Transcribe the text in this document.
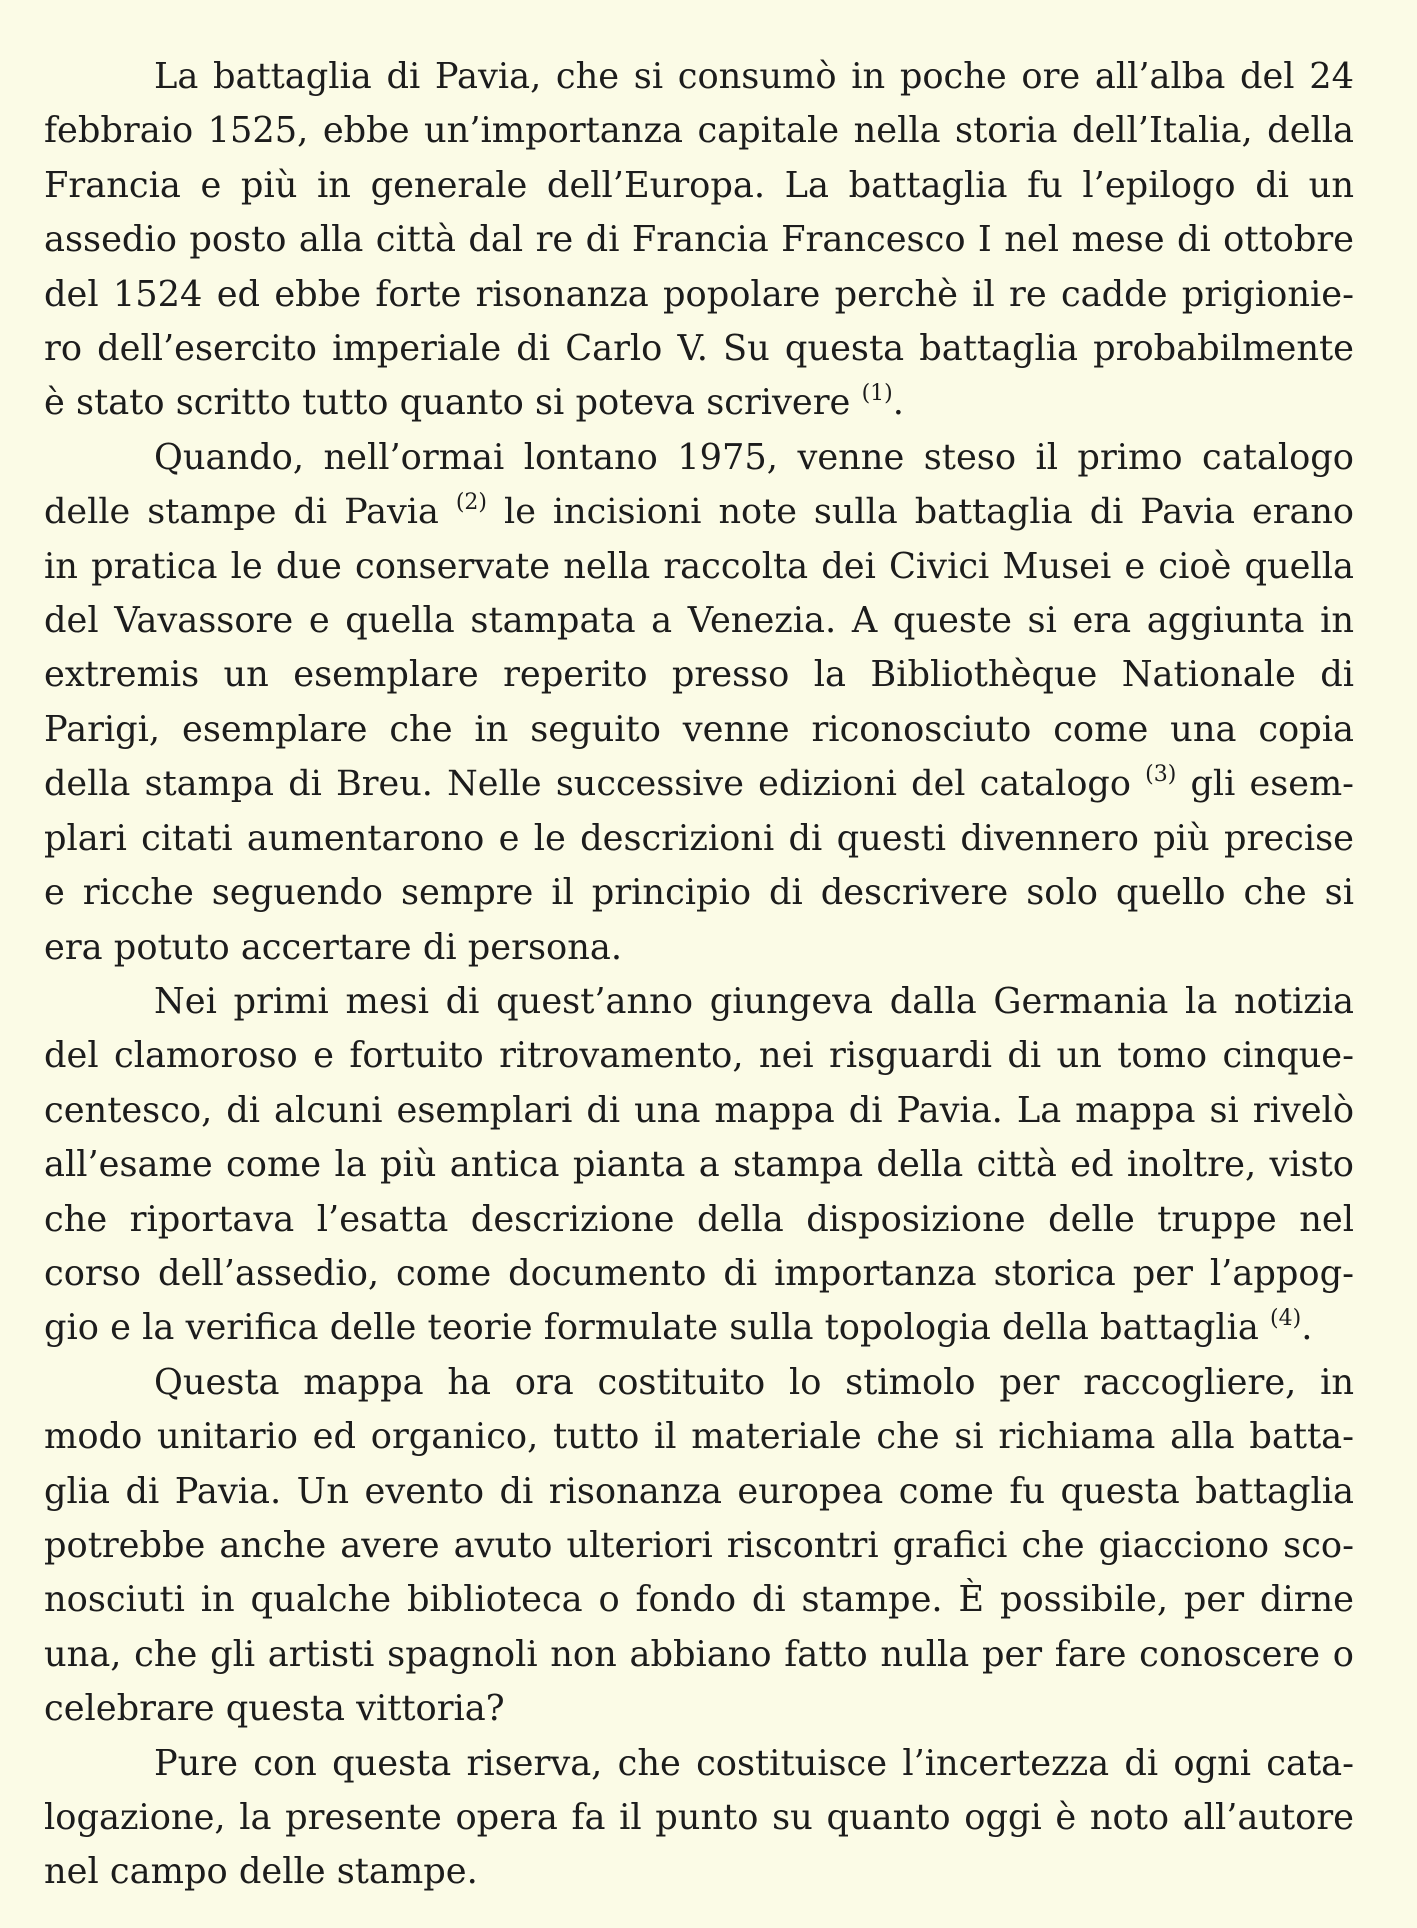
La battaglia di Pavia, che si consumò in poche ore all’alba del 24
febbraio 1525, ebbe un’importanza capitale nella storia dell’Italia, della
Francia e più in generale dell’Europa. La battaglia fu l’epilogo di un
assedio posto alla città dal re di Francia Francesco I nel mese di ottobre
del 1524 ed ebbe forte risonanza popolare perchè il re cadde prigionie-
ro dell’esercito imperiale di Carlo V. Su questa battaglia probabilmente
è stato scritto tutto quanto si poteva scrivere $^{(1)}$.

Quando, nell’ormai lontano 1975, venne steso il primo catalogo
delle stampe di Pavia $^{(2)}$ le incisioni note sulla battaglia di Pavia erano
in pratica le due conservate nella raccolta dei Civici Musei e cioè quella
del Vavassore e quella stampata a Venezia. A queste si era aggiunta in
extremis un esemplare reperito presso la Bibliothèque Nationale di
Parigi, esemplare che in seguito venne riconosciuto come una copia
della stampa di Breu. Nelle successive edizioni del catalogo $^{(3)}$ gli esem-
plari citati aumentarono e le descrizioni di questi divennero più precise
e ricche seguendo sempre il principio di descrivere solo quello che si
era potuto accertare di persona.

Nei primi mesi di quest’anno giungeva dalla Germania la notizia
del clamoroso e fortuito ritrovamento, nei risguardi di un tomo cinque-
centesco, di alcuni esemplari di una mappa di Pavia. La mappa si rivelò
all’esame come la più antica pianta a stampa della città ed inoltre, visto
che riportava l’esatta descrizione della disposizione delle truppe nel
corso dell’assedio, come documento di importanza storica per l’appog-
gio e la verifica delle teorie formulate sulla topologia della battaglia $^{(4)}$.

Questa mappa ha ora costituito lo stimolo per raccogliere, in
modo unitario ed organico, tutto il materiale che si richiama alla batta-
glia di Pavia. Un evento di risonanza europea come fu questa battaglia
potrebbe anche avere avuto ulteriori riscontri grafici che giacciono sco-
nosciuti in qualche biblioteca o fondo di stampe. È possibile, per dirne
una, che gli artisti spagnoli non abbiano fatto nulla per fare conoscere o
celebrare questa vittoria?

Pure con questa riserva, che costituisce l’incertezza di ogni cata-
logazione, la presente opera fa il punto su quanto oggi è noto all’autore
nel campo delle stampe.
